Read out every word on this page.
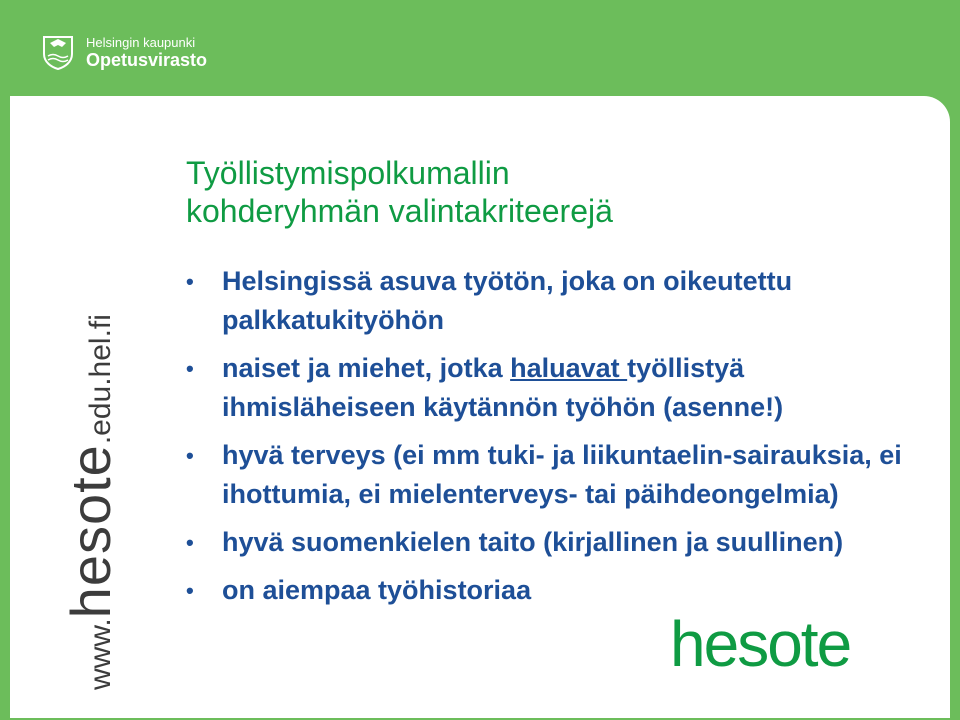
Helsingin kaupunki
Opetusvirasto
www.hesote.edu.hel.fi
Työllistymispolkumallin
kohderyhmän valintakriteerejä
• Helsingissä asuva työtön, joka on oikeutettu palkkatukityöhön
• naiset ja miehet, jotka haluavat työllistyä ihmisläheiseen käytännön työhön (asenne!)
• hyvä terveys (ei mm tuki- ja liikuntaelin-sairauksia, ei ihottumia, ei mielenterveys- tai päihdeongelmia)
• hyvä suomenkielen taito (kirjallinen ja suullinen)
• on aiempaa työhistoriaa
hesote
